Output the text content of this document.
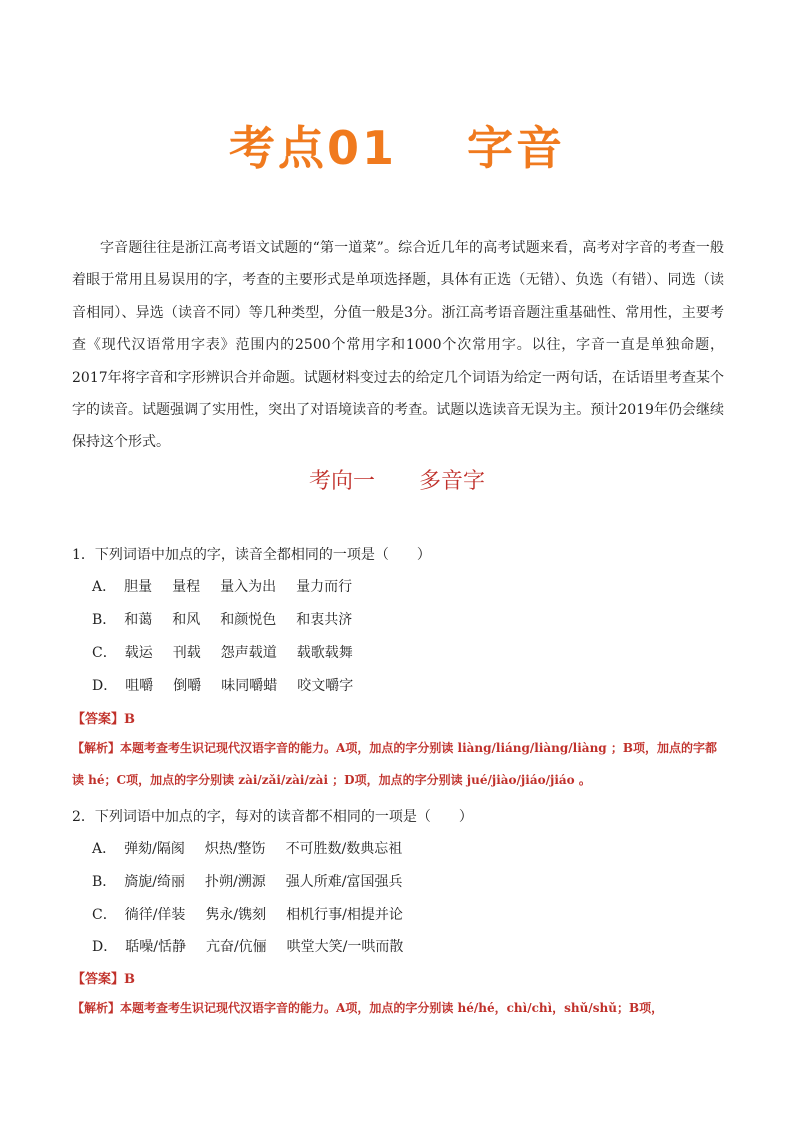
考点01 字音
字音题往往是浙江高考语文试题的“第一道菜”。综合近几年的高考试题来看，高考对字音的考查一般着眼于常用且易误用的字，考查的主要形式是单项选择题，具体有正选（无错）、负选（有错）、同选（读音相同）、异选（读音不同）等几种类型，分值一般是3分。浙江高考语音题注重基础性、常用性，主要考查《现代汉语常用字表》范围内的2500个常用字和1000个次常用字。以往，字音一直是单独命题，2017年将字音和字形辨识合并命题。试题材料变过去的给定几个词语为给定一两句话，在话语里考查某个字的读音。试题强调了实用性，突出了对语境读音的考查。试题以选读音无误为主。预计2019年仍会继续保持这个形式。
考向一 多音字
1．下列词语中加点的字，读音全都相同的一项是（　　）
A． 胆量 量程 量入为出 量力而行
B． 和蔼 和风 和颜悦色 和衷共济
C． 载运 刊载 怨声载道 载歌载舞
D． 咀嚼 倒嚼 味同嚼蜡 咬文嚼字
【答案】B
【解析】本题考查考生识记现代汉语字音的能力。A项，加点的字分别读 liàng/liáng/liàng/liàng ；B项，加点的字都读 hé；C项，加点的字分别读 zài/zǎi/zài/zài ；D项，加点的字分别读 jué/jiào/jiáo/jiáo 。
2．下列词语中加点的字，每对的读音都不相同的一项是（　　）
A． 弹劾/隔阂 炽热/整饬 不可胜数/数典忘祖
B． 旖旎/绮丽 扑朔/溯源 强人所难/富国强兵
C． 徜徉/佯装 隽永/镌刻 相机行事/相提并论
D． 聒噪/恬静 亢奋/伉俪 哄堂大笑/一哄而散
【答案】B
【解析】本题考查考生识记现代汉语字音的能力。A项，加点的字分别读 hé/hé，chì/chì，shǔ/shǔ；B项，
